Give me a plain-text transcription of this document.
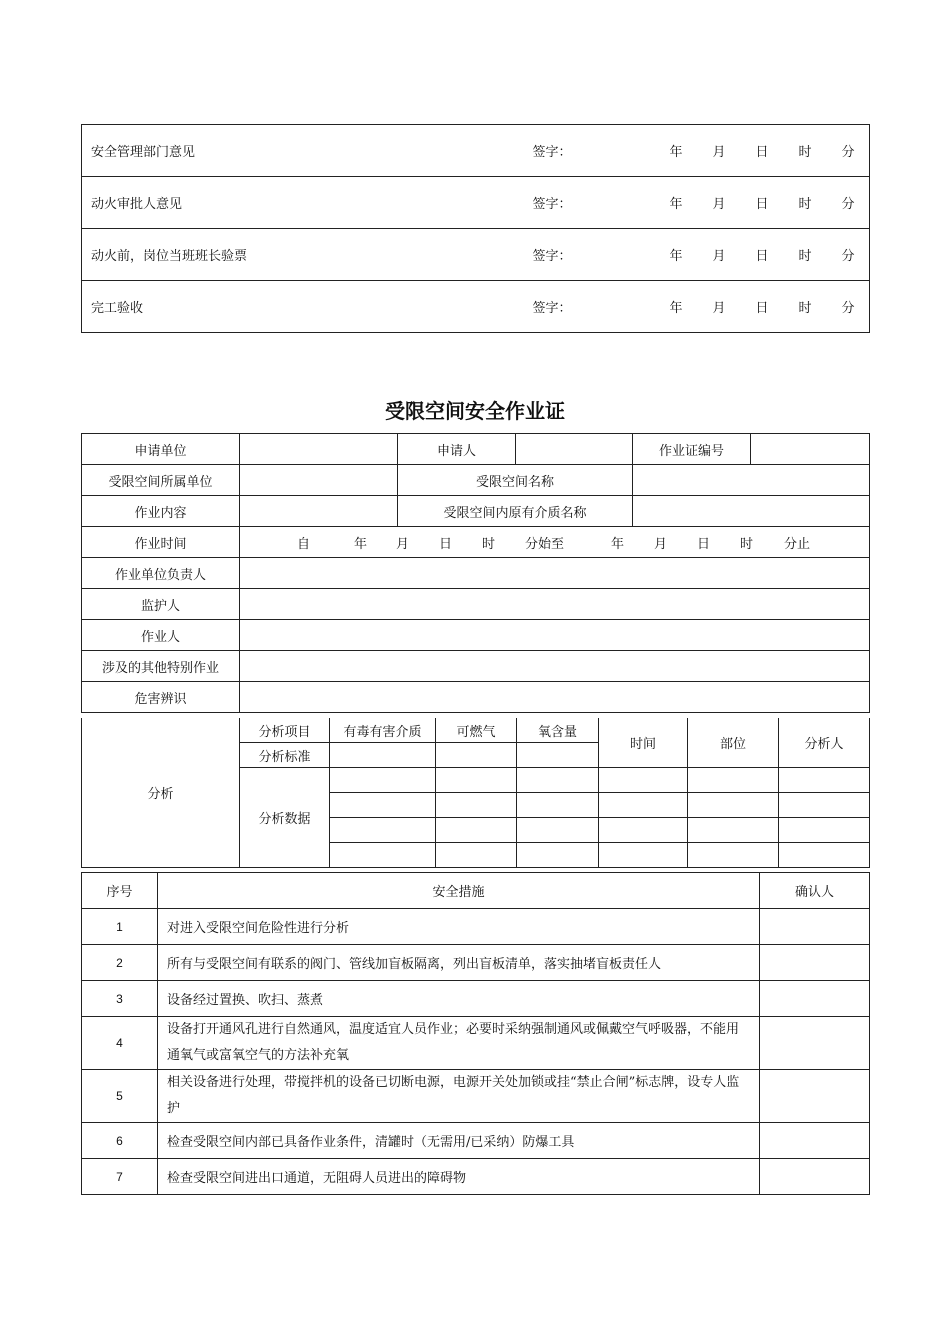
安全管理部门意见	签字：	年 月 日 时 分
动火审批人意见	签字：	年 月 日 时 分
动火前，岗位当班班长验票	签字：	年 月 日 时 分
完工验收	签字：	年 月 日 时 分
受限空间安全作业证
申请单位		申请人		作业证编号	
受限空间所属单位		受限空间名称			
作业内容		受限空间内原有介质名称			
作业时间	自 年 月 日 时 分始至 年 月 日 时 分止				
作业单位负责人					
监护人					
作业人					
涉及的其他特别作业					
危害辨识					
分析	分析项目	有毒有害介质	可燃气	氧含量	时间	部位	分析人
	分析标准						
	分析数据						

序号	安全措施	确认人
1	对进入受限空间危险性进行分析	
2	所有与受限空间有联系的阀门、管线加盲板隔离，列出盲板清单，落实抽堵盲板责任人	
3	设备经过置换、吹扫、蒸煮	
4	设备打开通风孔进行自然通风，温度适宜人员作业；必要时采纳强制通风或佩戴空气呼吸器，不能用通氧气或富氧空气的方法补充氧	
5	相关设备进行处理，带搅拌机的设备已切断电源，电源开关处加锁或挂“禁止合闸”标志牌，设专人监护	
6	检查受限空间内部已具备作业条件，清罐时（无需用/已采纳）防爆工具	
7	检查受限空间进出口通道，无阻碍人员进出的障碍物	
